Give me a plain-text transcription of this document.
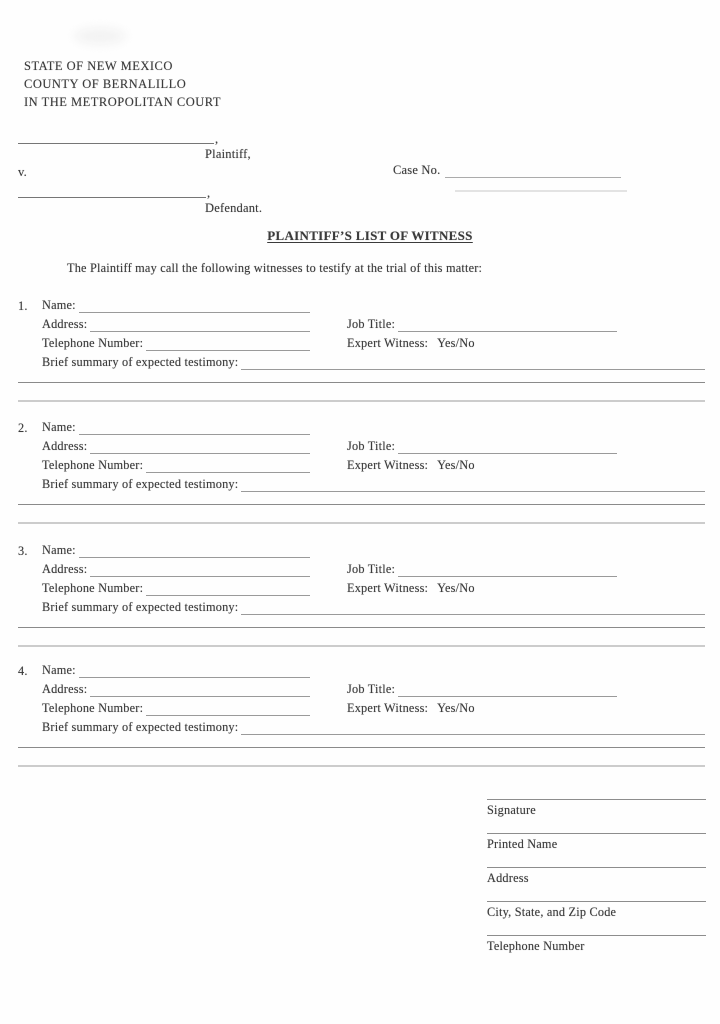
STATE OF NEW MEXICO
COUNTY OF BERNALILLO
IN THE METROPOLITAN COURT
,
Plaintiff,
v.	Case No.
,
Defendant.
PLAINTIFF’S LIST OF WITNESS
The Plaintiff may call the following witnesses to testify at the trial of this matter:
1. Name:
Address:	Job Title:
Telephone Number:	Expert Witness: Yes/No
Brief summary of expected testimony:
2. Name:
Address:	Job Title:
Telephone Number:	Expert Witness: Yes/No
Brief summary of expected testimony:
3. Name:
Address:	Job Title:
Telephone Number:	Expert Witness: Yes/No
Brief summary of expected testimony:
4. Name:
Address:	Job Title:
Telephone Number:	Expert Witness: Yes/No
Brief summary of expected testimony:
Signature
Printed Name
Address
City, State, and Zip Code
Telephone Number
